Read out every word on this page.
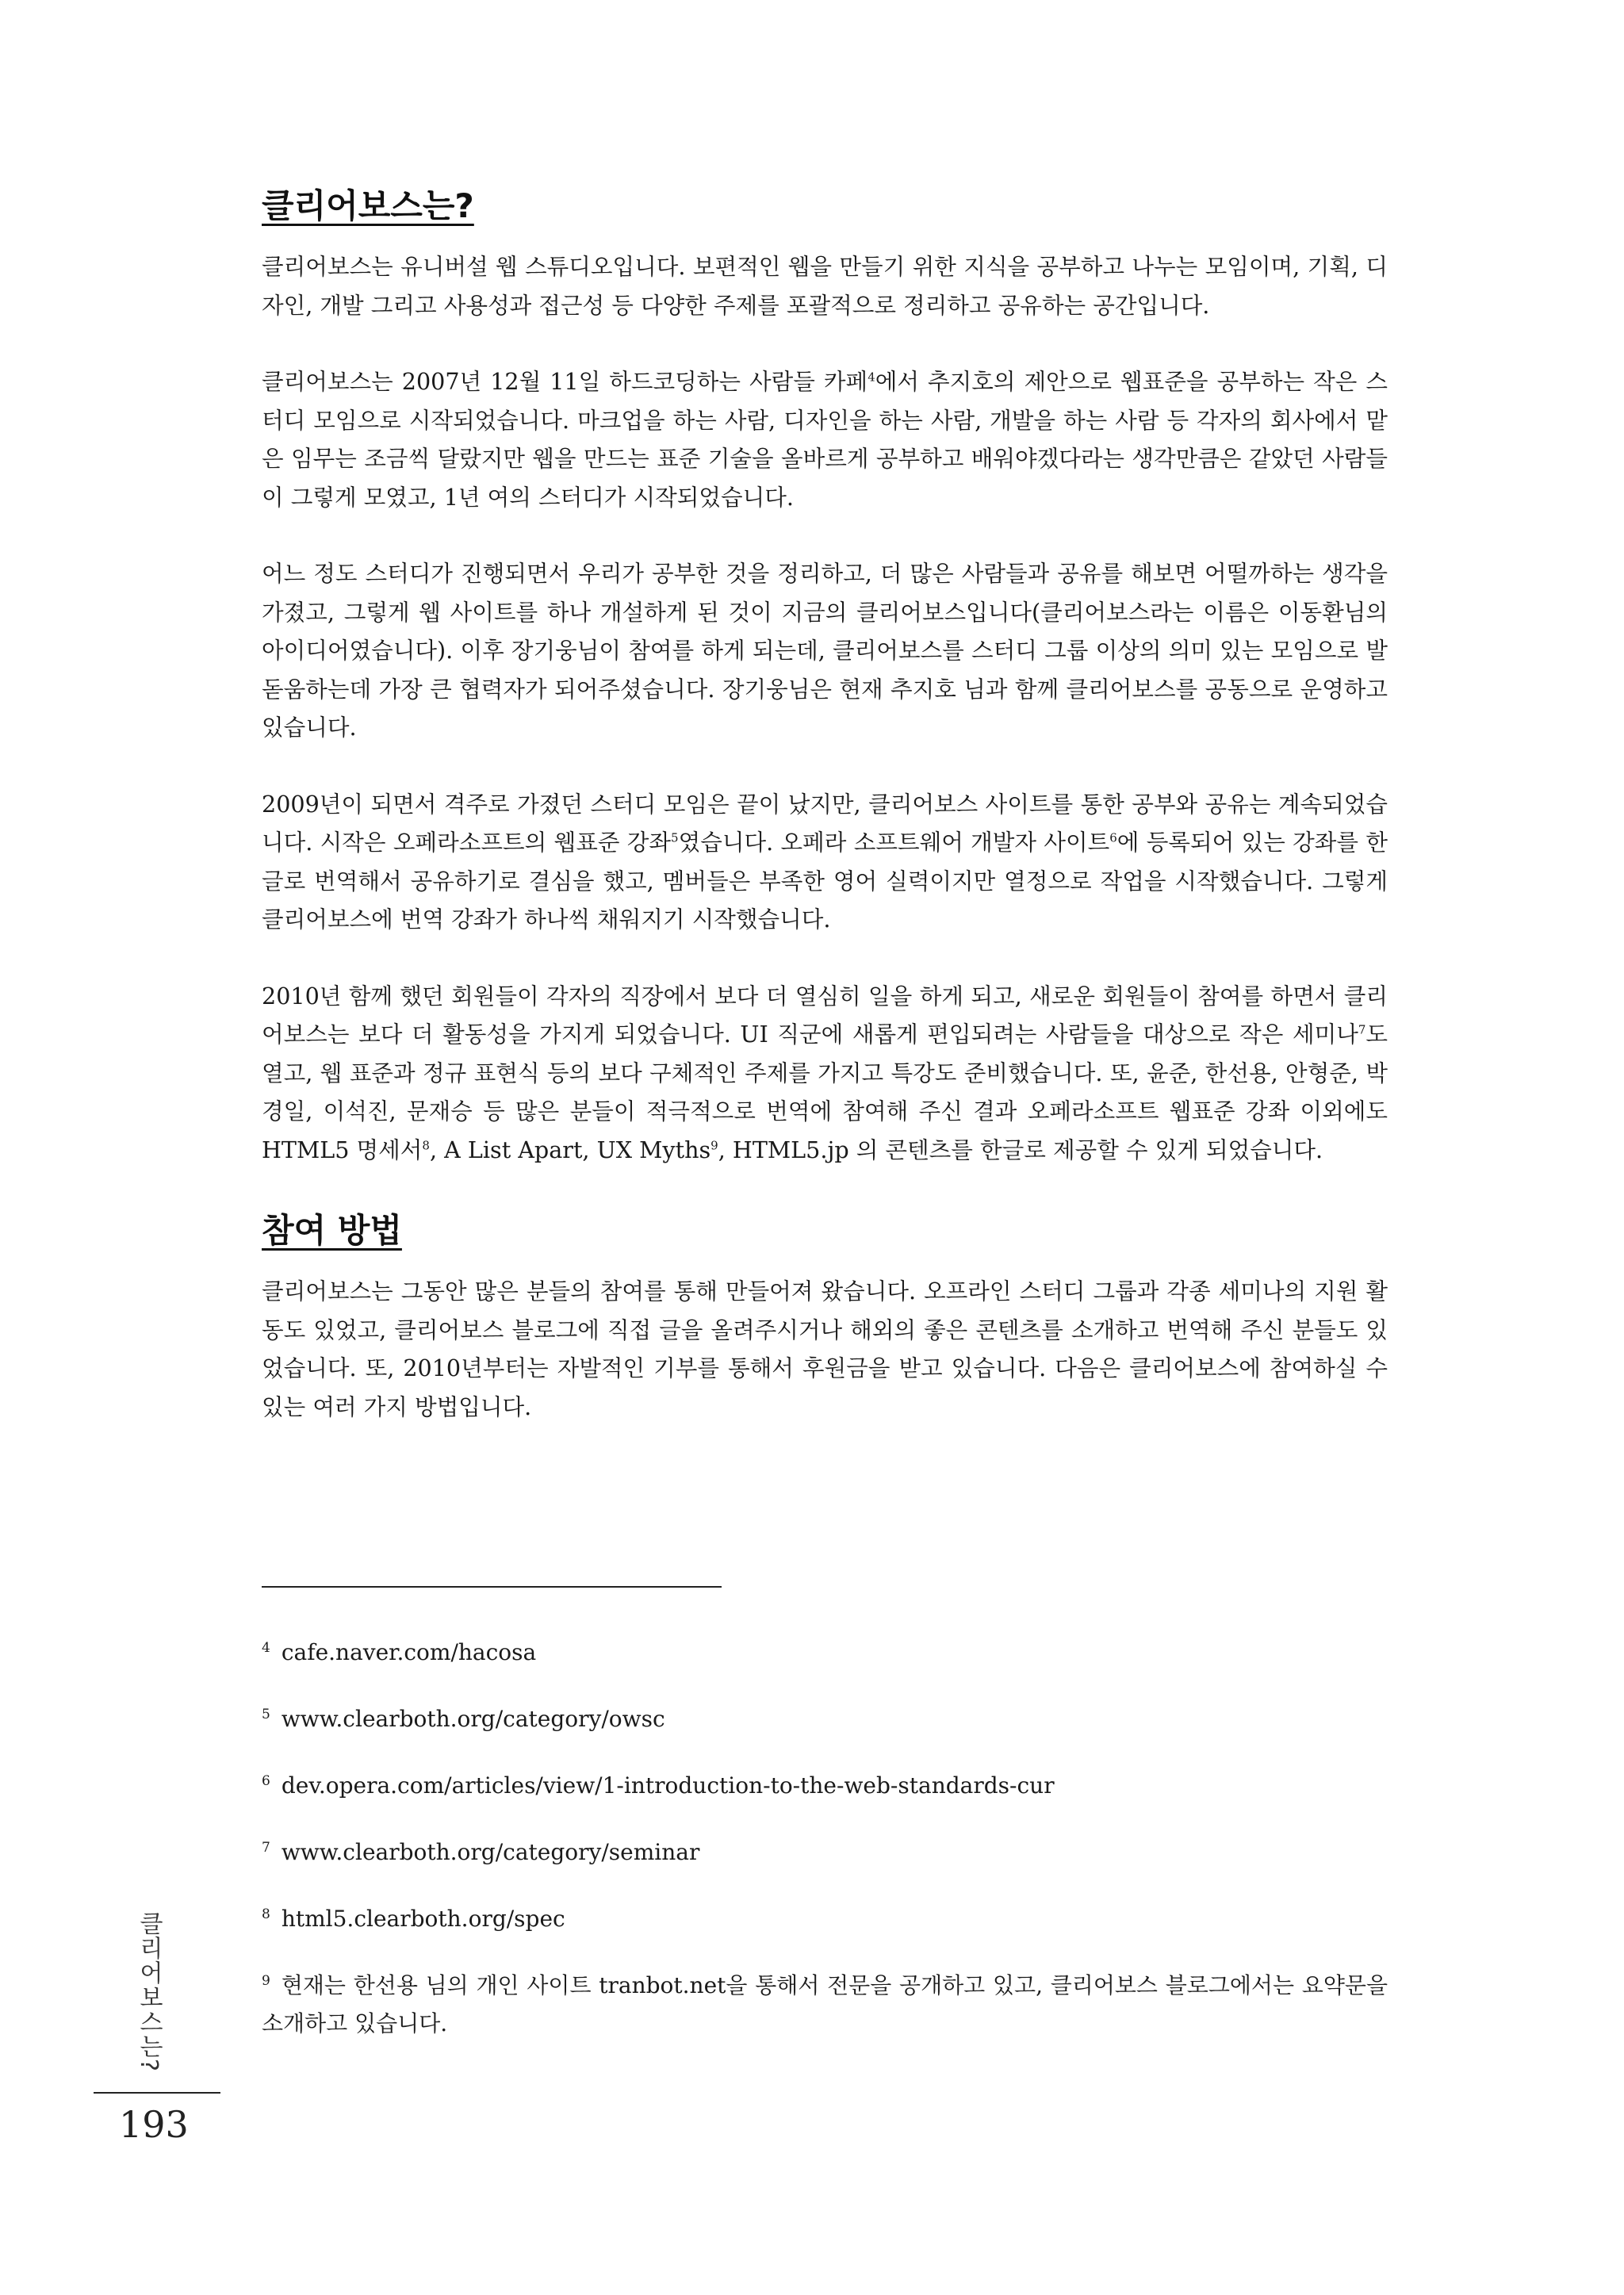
클리어보스는?

클리어보스는 유니버설 웹 스튜디오입니다. 보편적인 웹을 만들기 위한 지식을 공부하고 나누는 모임이며, 기획, 디자인, 개발 그리고 사용성과 접근성 등 다양한 주제를 포괄적으로 정리하고 공유하는 공간입니다.

클리어보스는 2007년 12월 11일 하드코딩하는 사람들 카페$^4$에서 추지호의 제안으로 웹표준을 공부하는 작은 스터디 모임으로 시작되었습니다. 마크업을 하는 사람, 디자인을 하는 사람, 개발을 하는 사람 등 각자의 회사에서 맡은 임무는 조금씩 달랐지만 웹을 만드는 표준 기술을 올바르게 공부하고 배워야겠다라는 생각만큼은 같았던 사람들이 그렇게 모였고, 1년 여의 스터디가 시작되었습니다.

어느 정도 스터디가 진행되면서 우리가 공부한 것을 정리하고, 더 많은 사람들과 공유를 해보면 어떨까하는 생각을 가졌고, 그렇게 웹 사이트를 하나 개설하게 된 것이 지금의 클리어보스입니다(클리어보스라는 이름은 이동환님의 아이디어였습니다). 이후 장기웅님이 참여를 하게 되는데, 클리어보스를 스터디 그룹 이상의 의미 있는 모임으로 발돋움하는데 가장 큰 협력자가 되어주셨습니다. 장기웅님은 현재 추지호 님과 함께 클리어보스를 공동으로 운영하고 있습니다.

2009년이 되면서 격주로 가졌던 스터디 모임은 끝이 났지만, 클리어보스 사이트를 통한 공부와 공유는 계속되었습니다. 시작은 오페라소프트의 웹표준 강좌$^5$였습니다. 오페라 소프트웨어 개발자 사이트$^6$에 등록되어 있는 강좌를 한글로 번역해서 공유하기로 결심을 했고, 멤버들은 부족한 영어 실력이지만 열정으로 작업을 시작했습니다. 그렇게 클리어보스에 번역 강좌가 하나씩 채워지기 시작했습니다.

2010년 함께 했던 회원들이 각자의 직장에서 보다 더 열심히 일을 하게 되고, 새로운 회원들이 참여를 하면서 클리어보스는 보다 더 활동성을 가지게 되었습니다. UI 직군에 새롭게 편입되려는 사람들을 대상으로 작은 세미나$^7$도 열고, 웹 표준과 정규 표현식 등의 보다 구체적인 주제를 가지고 특강도 준비했습니다. 또, 윤준, 한선용, 안형준, 박경일, 이석진, 문재승 등 많은 분들이 적극적으로 번역에 참여해 주신 결과 오페라소프트 웹표준 강좌 이외에도 HTML5 명세서$^8$, A List Apart, UX Myths$^9$, HTML5.jp 의 콘텐츠를 한글로 제공할 수 있게 되었습니다.

참여 방법

클리어보스는 그동안 많은 분들의 참여를 통해 만들어져 왔습니다. 오프라인 스터디 그룹과 각종 세미나의 지원 활동도 있었고, 클리어보스 블로그에 직접 글을 올려주시거나 해외의 좋은 콘텐츠를 소개하고 번역해 주신 분들도 있었습니다. 또, 2010년부터는 자발적인 기부를 통해서 후원금을 받고 있습니다. 다음은 클리어보스에 참여하실 수 있는 여러 가지 방법입니다.

$^4$ cafe.naver.com/hacosa
$^5$ www.clearboth.org/category/owsc
$^6$ dev.opera.com/articles/view/1-introduction-to-the-web-standards-cur
$^7$ www.clearboth.org/category/seminar
$^8$ html5.clearboth.org/spec
$^9$ 현재는 한선용 님의 개인 사이트 tranbot.net을 통해서 전문을 공개하고 있고, 클리어보스 블로그에서는 요약문을 소개하고 있습니다.
클리어보스는?
193
